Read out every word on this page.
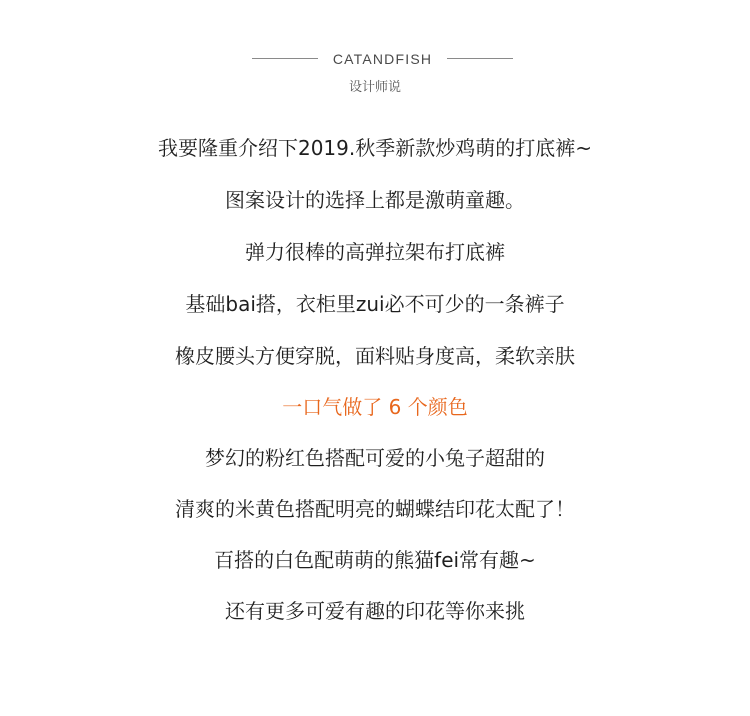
CATANDFISH
设计师说
我要隆重介绍下2019.秋季新款炒鸡萌的打底裤~
图案设计的选择上都是激萌童趣。
弹力很棒的高弹拉架布打底裤
基础bai搭，衣柜里zui必不可少的一条裤子
橡皮腰头方便穿脱，面料贴身度高，柔软亲肤
一口气做了 6 个颜色
梦幻的粉红色搭配可爱的小兔子超甜的
清爽的米黄色搭配明亮的蝴蝶结印花太配了！
百搭的白色配萌萌的熊猫fei常有趣~
还有更多可爱有趣的印花等你来挑
